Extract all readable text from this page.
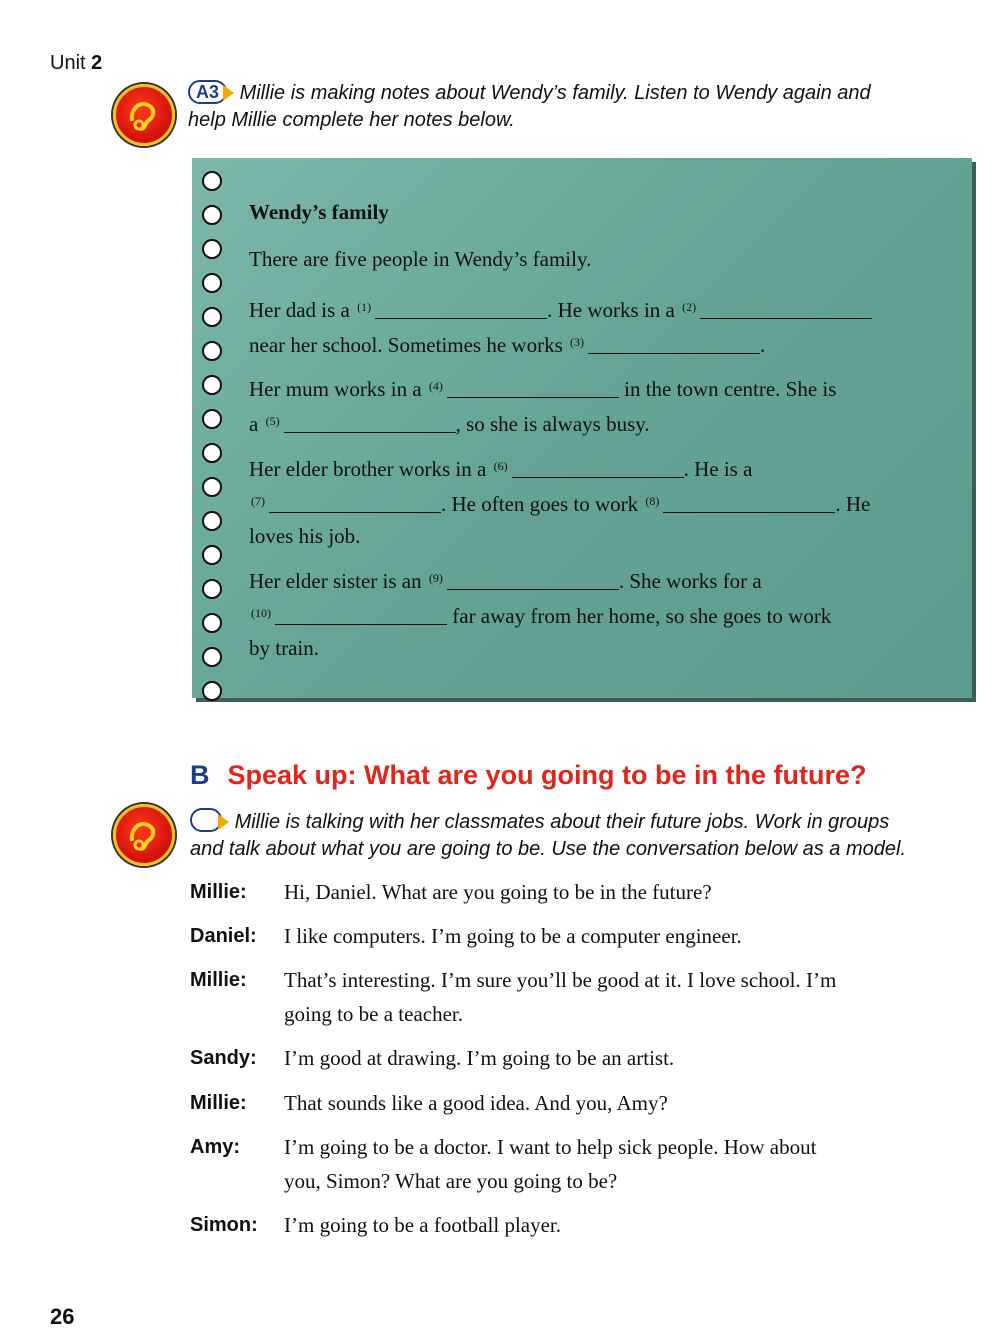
Unit 2
A3 Millie is making notes about Wendy’s family. Listen to Wendy again and
help Millie complete her notes below.
Wendy’s family
There are five people in Wendy’s family.
Her dad is a $^{(1)}$	. He works in a $^{(2)}$
near her school. Sometimes he works $^{(3)}$	.
Her mum works in a $^{(4)}$	in the town centre. She is
a $^{(5)}$	, so she is always busy.
Her elder brother works in a $^{(6)}$	. He is a
$^{(7)}$	. He often goes to work $^{(8)}$	. He
loves his job.
Her elder sister is an $^{(9)}$	. She works for a
$^{(10)}$	far away from her home, so she goes to work
by train.
B Speak up: What are you going to be in the future?
Millie is talking with her classmates about their future jobs. Work in groups
and talk about what you are going to be. Use the conversation below as a model.
Millie: Hi, Daniel. What are you going to be in the future?
Daniel: I like computers. I’m going to be a computer engineer.
Millie: That’s interesting. I’m sure you’ll be good at it. I love school. I’m
going to be a teacher.
Sandy: I’m good at drawing. I’m going to be an artist.
Millie: That sounds like a good idea. And you, Amy?
Amy: I’m going to be a doctor. I want to help sick people. How about
you, Simon? What are you going to be?
Simon: I’m going to be a football player.
26
